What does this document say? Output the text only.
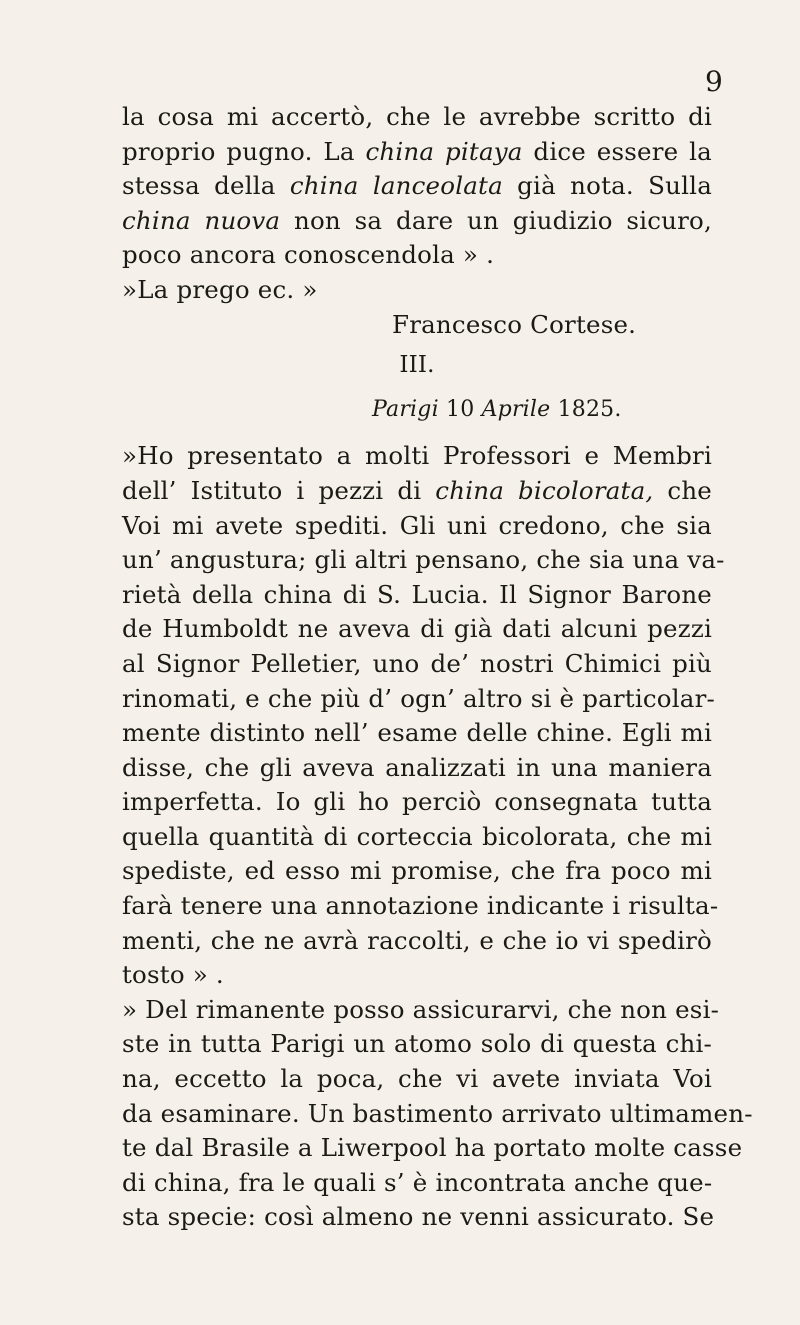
9
la cosa mi accertò, che le avrebbe scritto di
proprio pugno. La china pitaya dice essere la
stessa della china lanceolata già nota. Sulla
china nuova non sa dare un giudizio sicuro,
poco ancora conoscendola » .
»La prego ec. »
Francesco Cortese.
III.
Parigi 10 Aprile 1825.
»Ho presentato a molti Professori e Membri
dell’ Istituto i pezzi di china bicolorata, che
Voi mi avete spediti. Gli uni credono, che sia
un’ angustura; gli altri pensano, che sia una va-
rietà della china di S. Lucia. Il Signor Barone
de Humboldt ne aveva di già dati alcuni pezzi
al Signor Pelletier, uno de’ nostri Chimici più
rinomati, e che più d’ ogn’ altro si è particolar-
mente distinto nell’ esame delle chine. Egli mi
disse, che gli aveva analizzati in una maniera
imperfetta. Io gli ho perciò consegnata tutta
quella quantità di corteccia bicolorata, che mi
spediste, ed esso mi promise, che fra poco mi
farà tenere una annotazione indicante i risulta-
menti, che ne avrà raccolti, e che io vi spedirò
tosto » .
» Del rimanente posso assicurarvi, che non esi-
ste in tutta Parigi un atomo solo di questa chi-
na, eccetto la poca, che vi avete inviata Voi
da esaminare. Un bastimento arrivato ultimamen-
te dal Brasile a Liwerpool ha portato molte casse
di china, fra le quali s’ è incontrata anche que-
sta specie: così almeno ne venni assicurato. Se
